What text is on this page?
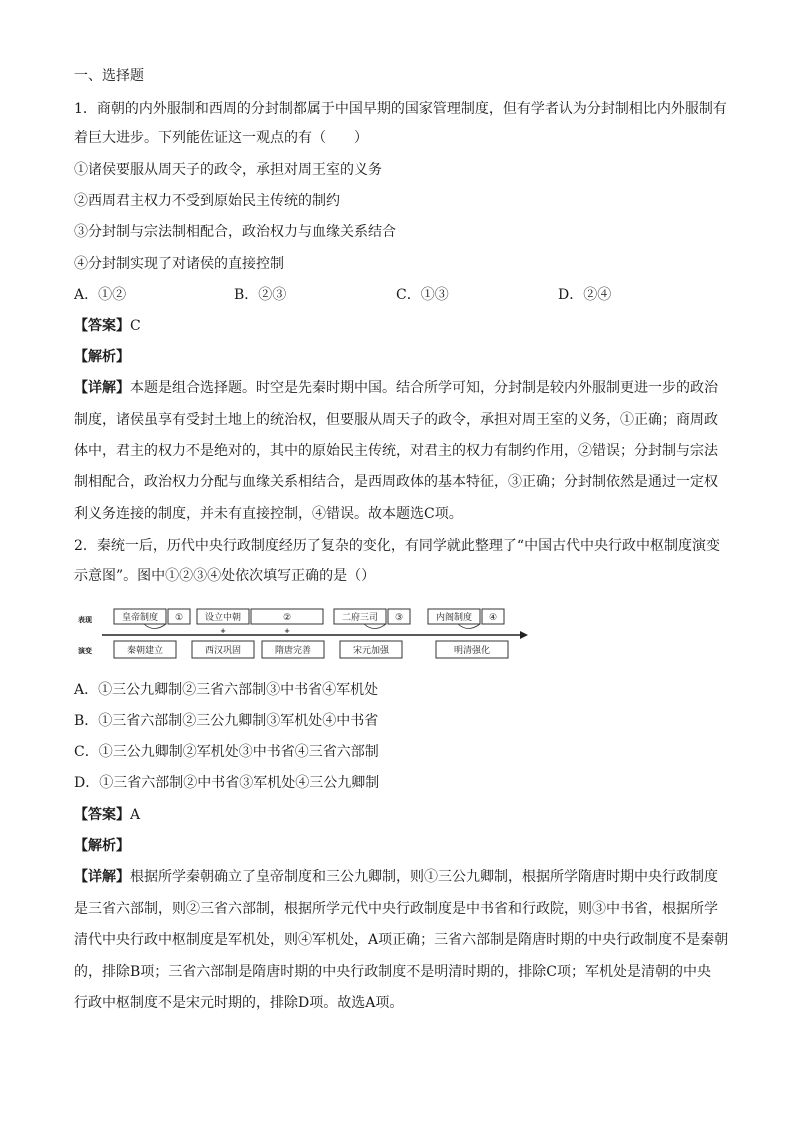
一、选择题
1．商朝的内外服制和西周的分封制都属于中国早期的国家管理制度，但有学者认为分封制相比内外服制有
着巨大进步。下列能佐证这一观点的有（　　）
①诸侯要服从周天子的政令，承担对周王室的义务
②西周君主权力不受到原始民主传统的制约
③分封制与宗法制相配合，政治权力与血缘关系结合
④分封制实现了对诸侯的直接控制
A．①②	B．②③	C．①③	D．②④
【答案】C
【解析】
【详解】本题是组合选择题。时空是先秦时期中国。结合所学可知，分封制是较内外服制更进一步的政治
制度，诸侯虽享有受封土地上的统治权，但要服从周天子的政令，承担对周王室的义务，①正确；商周政
体中，君主的权力不是绝对的，其中的原始民主传统，对君主的权力有制约作用，②错误；分封制与宗法
制相配合，政治权力分配与血缘关系相结合，是西周政体的基本特征，③正确；分封制依然是通过一定权
利义务连接的制度，并未有直接控制，④错误。故本题选C项。
2．秦统一后，历代中央行政制度经历了复杂的变化，有同学就此整理了“中国古代中央行政中枢制度演变
示意图”。图中①②③④处依次填写正确的是（）
表现
演变
皇帝制度 ① 设立中朝	②	二府三司 ③	内阁制度 ④
+	+
秦朝建立	西汉巩固	隋唐完善	宋元加强	明清强化
A．①三公九卿制②三省六部制③中书省④军机处
B．①三省六部制②三公九卿制③军机处④中书省
C．①三公九卿制②军机处③中书省④三省六部制
D．①三省六部制②中书省③军机处④三公九卿制
【答案】A
【解析】
【详解】根据所学秦朝确立了皇帝制度和三公九卿制，则①三公九卿制，根据所学隋唐时期中央行政制度
是三省六部制，则②三省六部制，根据所学元代中央行政制度是中书省和行政院，则③中书省，根据所学
清代中央行政中枢制度是军机处，则④军机处，A项正确；三省六部制是隋唐时期的中央行政制度不是秦朝
的，排除B项；三省六部制是隋唐时期的中央行政制度不是明清时期的，排除C项；军机处是清朝的中央
行政中枢制度不是宋元时期的，排除D项。故选A项。
